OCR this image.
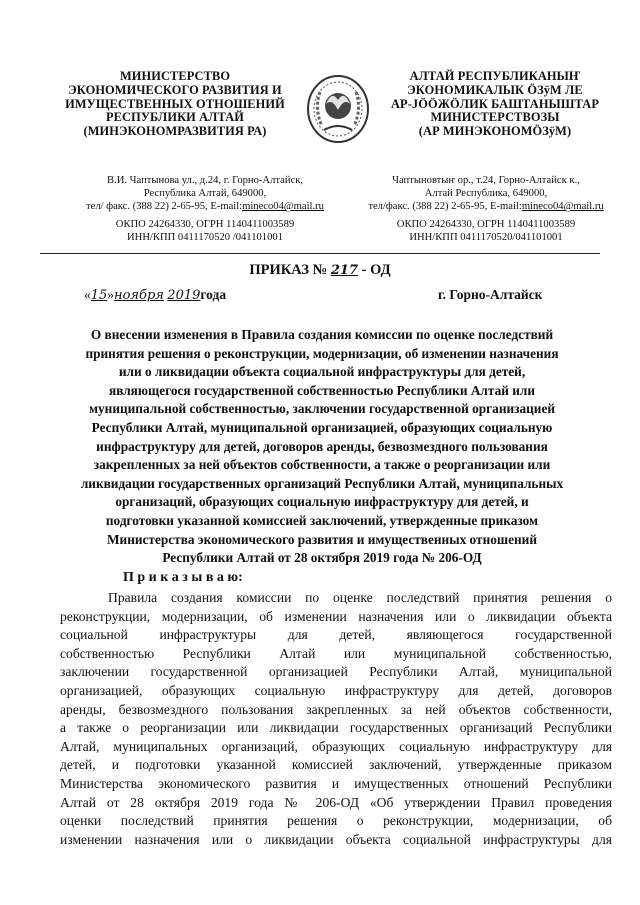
МИНИСТЕРСТВО
ЭКОНОМИЧЕСКОГО РАЗВИТИЯ И
ИМУЩЕСТВЕННЫХ ОТНОШЕНИЙ
РЕСПУБЛИКИ АЛТАЙ
(МИНЭКОНОМРАЗВИТИЯ РА)
АЛТАЙ РЕСПУБЛИКАНЫҤ
ЭКОНОМИКАЛЫК ÖЗÿМ ЛЕ
АР-JÖÖЖÖЛИК БАШТАНЫШТАР
МИНИСТЕРСТВОЗЫ
(АР МИНЭКОНОМÖЗÿМ)
В.И. Чаптынова ул., д.24, г. Горно-Алтайск,
Республика Алтай, 649000,
тел/ факс. (388 22) 2-65-95, E-mail:mineco04@mail.ru
ОКПО 24264330, ОГРН 1140411003589
ИНН/КПП 0411170520 /041101001
Чаптыновтыҥ ор., т.24, Горно-Алтайск к.,
Алтай Республика, 649000,
тел/факс. (388 22) 2-65-95, E-mail:mineco04@mail.ru
ОКПО 24264330, ОГРН 1140411003589
ИНН/КПП 0411170520/041101001
ПРИКАЗ № 217 - ОД
«15»ноября 2019года	г. Горно-Алтайск
О внесении изменения в Правила создания комиссии по оценке последствий
принятия решения о реконструкции, модернизации, об изменении назначения
или о ликвидации объекта социальной инфраструктуры для детей,
являющегося государственной собственностью Республики Алтай или
муниципальной собственностью, заключении государственной организацией
Республики Алтай, муниципальной организацией, образующих социальную
инфраструктуру для детей, договоров аренды, безвозмездного пользования
закрепленных за ней объектов собственности, а также о реорганизации или
ликвидации государственных организаций Республики Алтай, муниципальных
организаций, образующих социальную инфраструктуру для детей, и
подготовки указанной комиссией заключений, утвержденные приказом
Министерства экономического развития и имущественных отношений
Республики Алтай от 28 октября 2019 года № 206-ОД
П р и к а з ы в а ю:
Правила создания комиссии по оценке последствий принятия решения о
реконструкции, модернизации, об изменении назначения или о ликвидации объекта
социальной инфраструктуры для детей, являющегося государственной
собственностью Республики Алтай или муниципальной собственностью,
заключении государственной организацией Республики Алтай, муниципальной
организацией, образующих социальную инфраструктуру для детей, договоров
аренды, безвозмездного пользования закрепленных за ней объектов собственности,
а также о реорганизации или ликвидации государственных организаций Республики
Алтай, муниципальных организаций, образующих социальную инфраструктуру для
детей, и подготовки указанной комиссией заключений, утвержденные приказом
Министерства экономического развития и имущественных отношений Республики
Алтай от 28 октября 2019 года № 206-ОД «Об утверждении Правил проведения
оценки последствий принятия решения о реконструкции, модернизации, об
изменении назначения или о ликвидации объекта социальной инфраструктуры для
